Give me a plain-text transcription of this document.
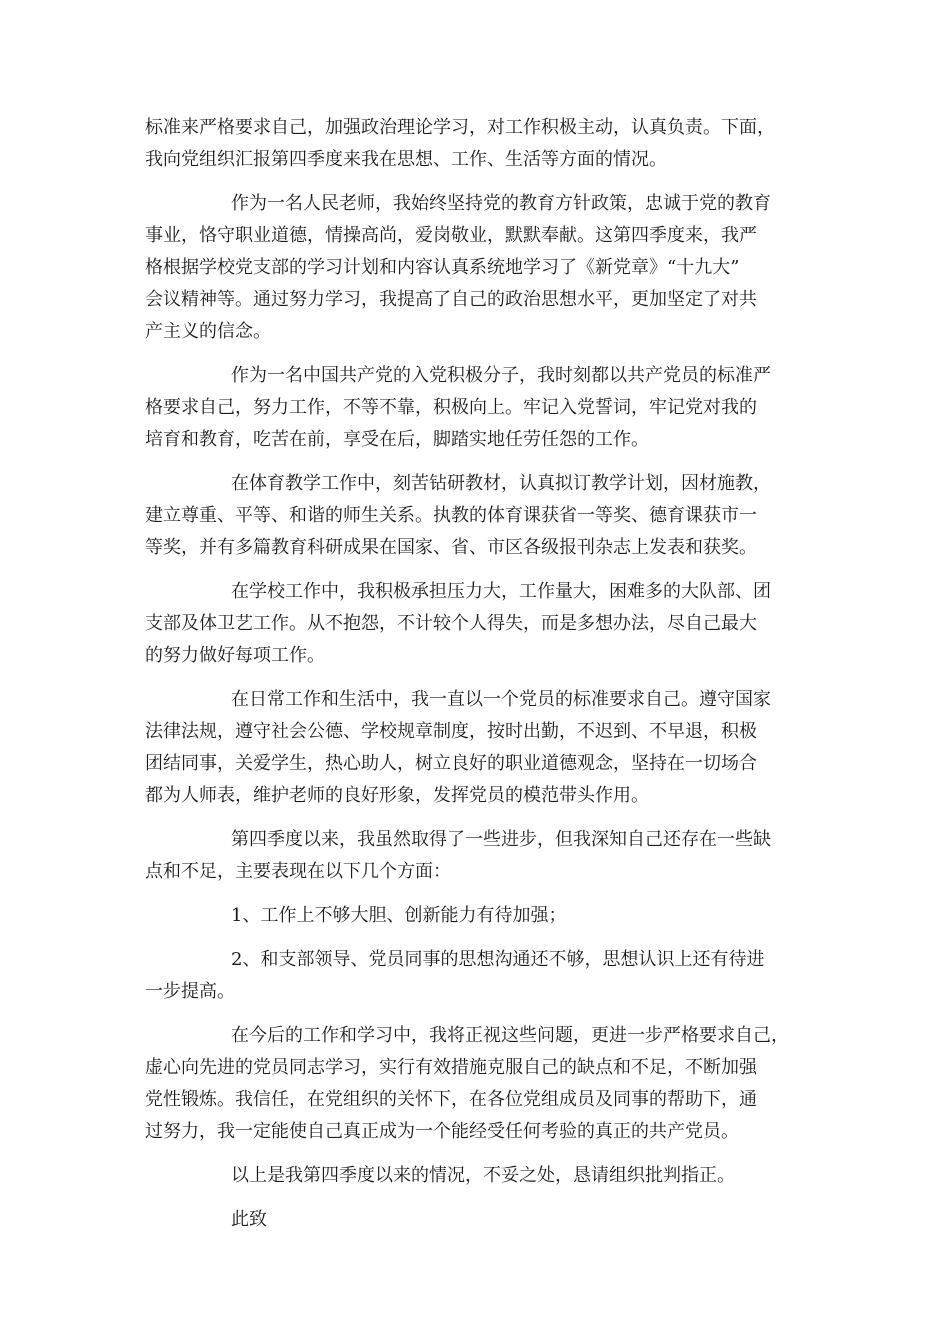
标准来严格要求自己，加强政治理论学习，对工作积极主动，认真负责。下面，
我向党组织汇报第四季度来我在思想、工作、生活等方面的情况。
作为一名人民老师，我始终坚持党的教育方针政策，忠诚于党的教育
事业，恪守职业道德，情操高尚，爱岗敬业，默默奉献。这第四季度来，我严
格根据学校党支部的学习计划和内容认真系统地学习了《新党章》“十九大”
会议精神等。通过努力学习，我提高了自己的政治思想水平，更加坚定了对共
产主义的信念。
作为一名中国共产党的入党积极分子，我时刻都以共产党员的标准严
格要求自己，努力工作，不等不靠，积极向上。牢记入党誓词，牢记党对我的
培育和教育，吃苦在前，享受在后，脚踏实地任劳任怨的工作。
在体育教学工作中，刻苦钻研教材，认真拟订教学计划，因材施教，
建立尊重、平等、和谐的师生关系。执教的体育课获省一等奖、德育课获市一
等奖，并有多篇教育科研成果在国家、省、市区各级报刊杂志上发表和获奖。
在学校工作中，我积极承担压力大，工作量大，困难多的大队部、团
支部及体卫艺工作。从不抱怨，不计较个人得失，而是多想办法，尽自己最大
的努力做好每项工作。
在日常工作和生活中，我一直以一个党员的标准要求自己。遵守国家
法律法规，遵守社会公德、学校规章制度，按时出勤，不迟到、不早退，积极
团结同事，关爱学生，热心助人，树立良好的职业道德观念，坚持在一切场合
都为人师表，维护老师的良好形象，发挥党员的模范带头作用。
第四季度以来，我虽然取得了一些进步，但我深知自己还存在一些缺
点和不足，主要表现在以下几个方面：
1、工作上不够大胆、创新能力有待加强；
2、和支部领导、党员同事的思想沟通还不够，思想认识上还有待进
一步提高。
在今后的工作和学习中，我将正视这些问题，更进一步严格要求自己，
虚心向先进的党员同志学习，实行有效措施克服自己的缺点和不足，不断加强
党性锻炼。我信任，在党组织的关怀下，在各位党组成员及同事的帮助下，通
过努力，我一定能使自己真正成为一个能经受任何考验的真正的共产党员。
以上是我第四季度以来的情况，不妥之处，恳请组织批判指正。
此致
